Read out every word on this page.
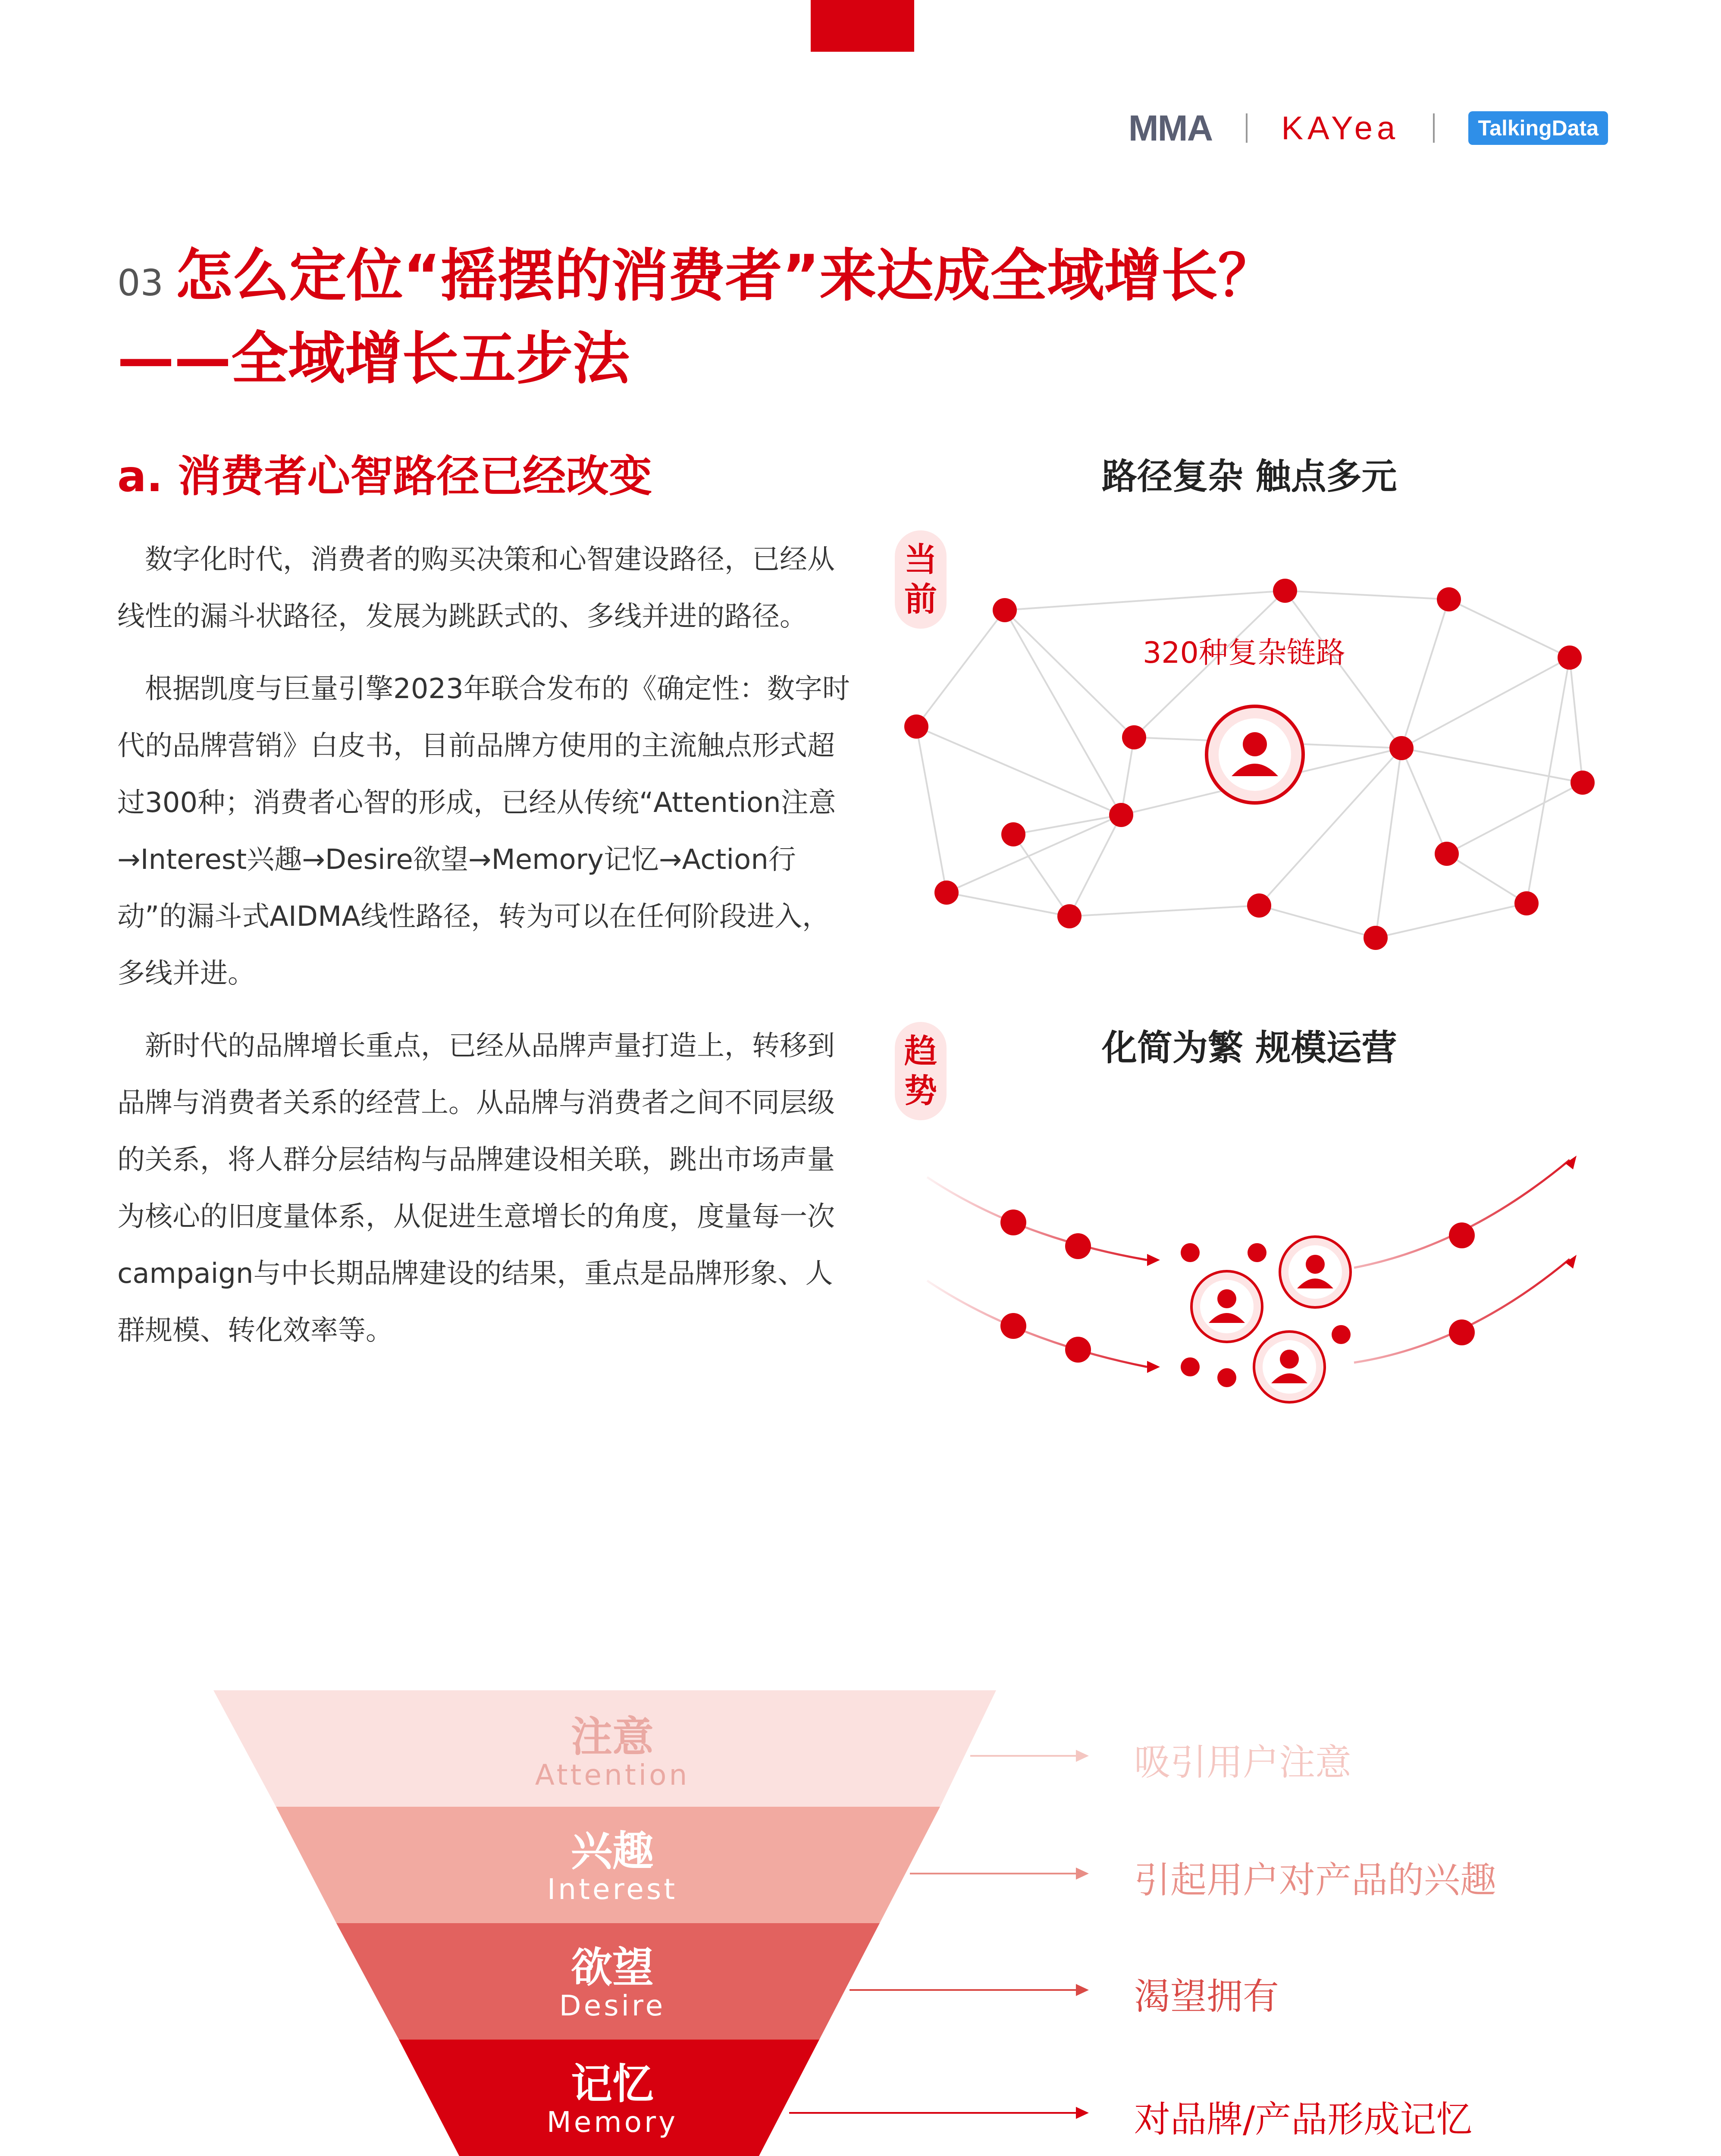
MMA KAYea	TalkingData
03 怎么定位“摇摆的消费者”来达成全域增长？
——全域增长五步法
a. 消费者心智路径已经改变

数字化时代，消费者的购买决策和心智建设路径，已经从线性的漏斗状路径，发展为跳跃式的、多线并进的路径。

根据凯度与巨量引擎2023年联合发布的《确定性：数字时代的品牌营销》白皮书，目前品牌方使用的主流触点形式超过300种；消费者心智的形成，已经从传统“Attention注意→Interest兴趣→Desire欲望→Memory记忆→Action行动”的漏斗式AIDMA线性路径，转为可以在任何阶段进入，多线并进。

新时代的品牌增长重点，已经从品牌声量打造上，转移到品牌与消费者关系的经营上。从品牌与消费者之间不同层级的关系，将人群分层结构与品牌建设相关联，跳出市场声量为核心的旧度量体系，从促进生意增长的角度，度量每一次campaign与中长期品牌建设的结果，重点是品牌形象、人群规模、转化效率等。

当前
路径复杂 触点多元
320种复杂链路
趋势
化简为繁 规模运营
注意
Attention
兴趣
Interest
欲望
Desire
记忆
Memory
吸引用户注意
引起用户对产品的兴趣
渴望拥有
对品牌/产品形成记忆
